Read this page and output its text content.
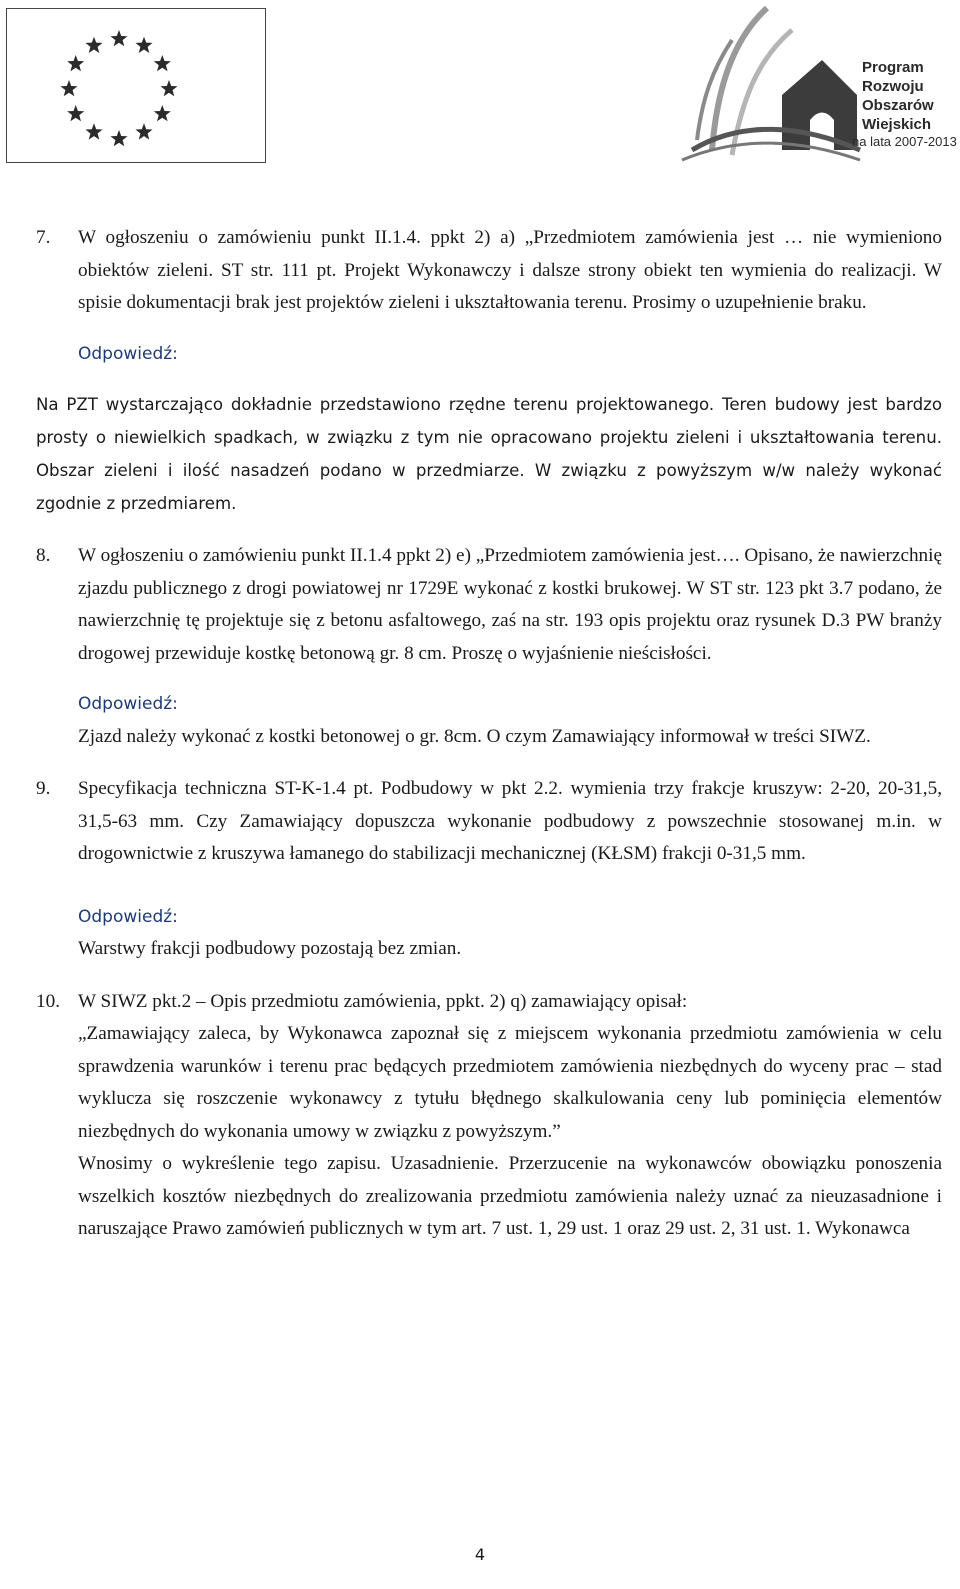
Program
Rozwoju
Obszarów
Wiejskich
na lata 2007-2013
7.	W ogłoszeniu o zamówieniu punkt II.1.4. ppkt 2) a) „Przedmiotem zamówienia jest … nie wymieniono obiektów zieleni. ST str. 111 pt. Projekt Wykonawczy i dalsze strony obiekt ten wymienia do realizacji. W spisie dokumentacji brak jest projektów zieleni i ukształtowania terenu. Prosimy o uzupełnienie braku.
Odpowiedź:
Na PZT wystarczająco dokładnie przedstawiono rzędne terenu projektowanego. Teren budowy jest bardzo prosty o niewielkich spadkach, w związku z tym nie opracowano projektu zieleni i ukształtowania terenu. Obszar zieleni i ilość nasadzeń podano w przedmiarze. W związku z powyższym w/w należy wykonać zgodnie z przedmiarem.
8.	W ogłoszeniu o zamówieniu punkt II.1.4 ppkt 2) e) „Przedmiotem zamówienia jest…. Opisano, że nawierzchnię zjazdu publicznego z drogi powiatowej nr 1729E wykonać z kostki brukowej. W ST str. 123 pkt 3.7 podano, że nawierzchnię tę projektuje się z betonu asfaltowego, zaś na str. 193 opis projektu oraz rysunek D.3 PW branży drogowej przewiduje kostkę betonową gr. 8 cm. Proszę o wyjaśnienie nieścisłości.
Odpowiedź:
Zjazd należy wykonać z kostki betonowej o gr. 8cm. O czym Zamawiający informował w treści SIWZ.
9.	Specyfikacja techniczna ST-K-1.4 pt. Podbudowy w pkt 2.2. wymienia trzy frakcje kruszyw: 2-20, 20-31,5, 31,5-63 mm. Czy Zamawiający dopuszcza wykonanie podbudowy z powszechnie stosowanej m.in. w drogownictwie z kruszywa łamanego do stabilizacji mechanicznej (KŁSM) frakcji 0-31,5 mm.
Odpowiedź:
Warstwy frakcji podbudowy pozostają bez zmian.
10. W SIWZ pkt.2 – Opis przedmiotu zamówienia, ppkt. 2) q) zamawiający opisał:
„Zamawiający zaleca, by Wykonawca zapoznał się z miejscem wykonania przedmiotu zamówienia w celu sprawdzenia warunków i terenu prac będących przedmiotem zamówienia niezbędnych do wyceny prac – stad wyklucza się roszczenie wykonawcy z tytułu błędnego skalkulowania ceny lub pominięcia elementów niezbędnych do wykonania umowy w związku z powyższym.”
Wnosimy o wykreślenie tego zapisu. Uzasadnienie. Przerzucenie na wykonawców obowiązku ponoszenia wszelkich kosztów niezbędnych do zrealizowania przedmiotu zamówienia należy uznać za nieuzasadnione i naruszające Prawo zamówień publicznych w tym art. 7 ust. 1, 29 ust. 1 oraz 29 ust. 2, 31 ust. 1. Wykonawca
4
